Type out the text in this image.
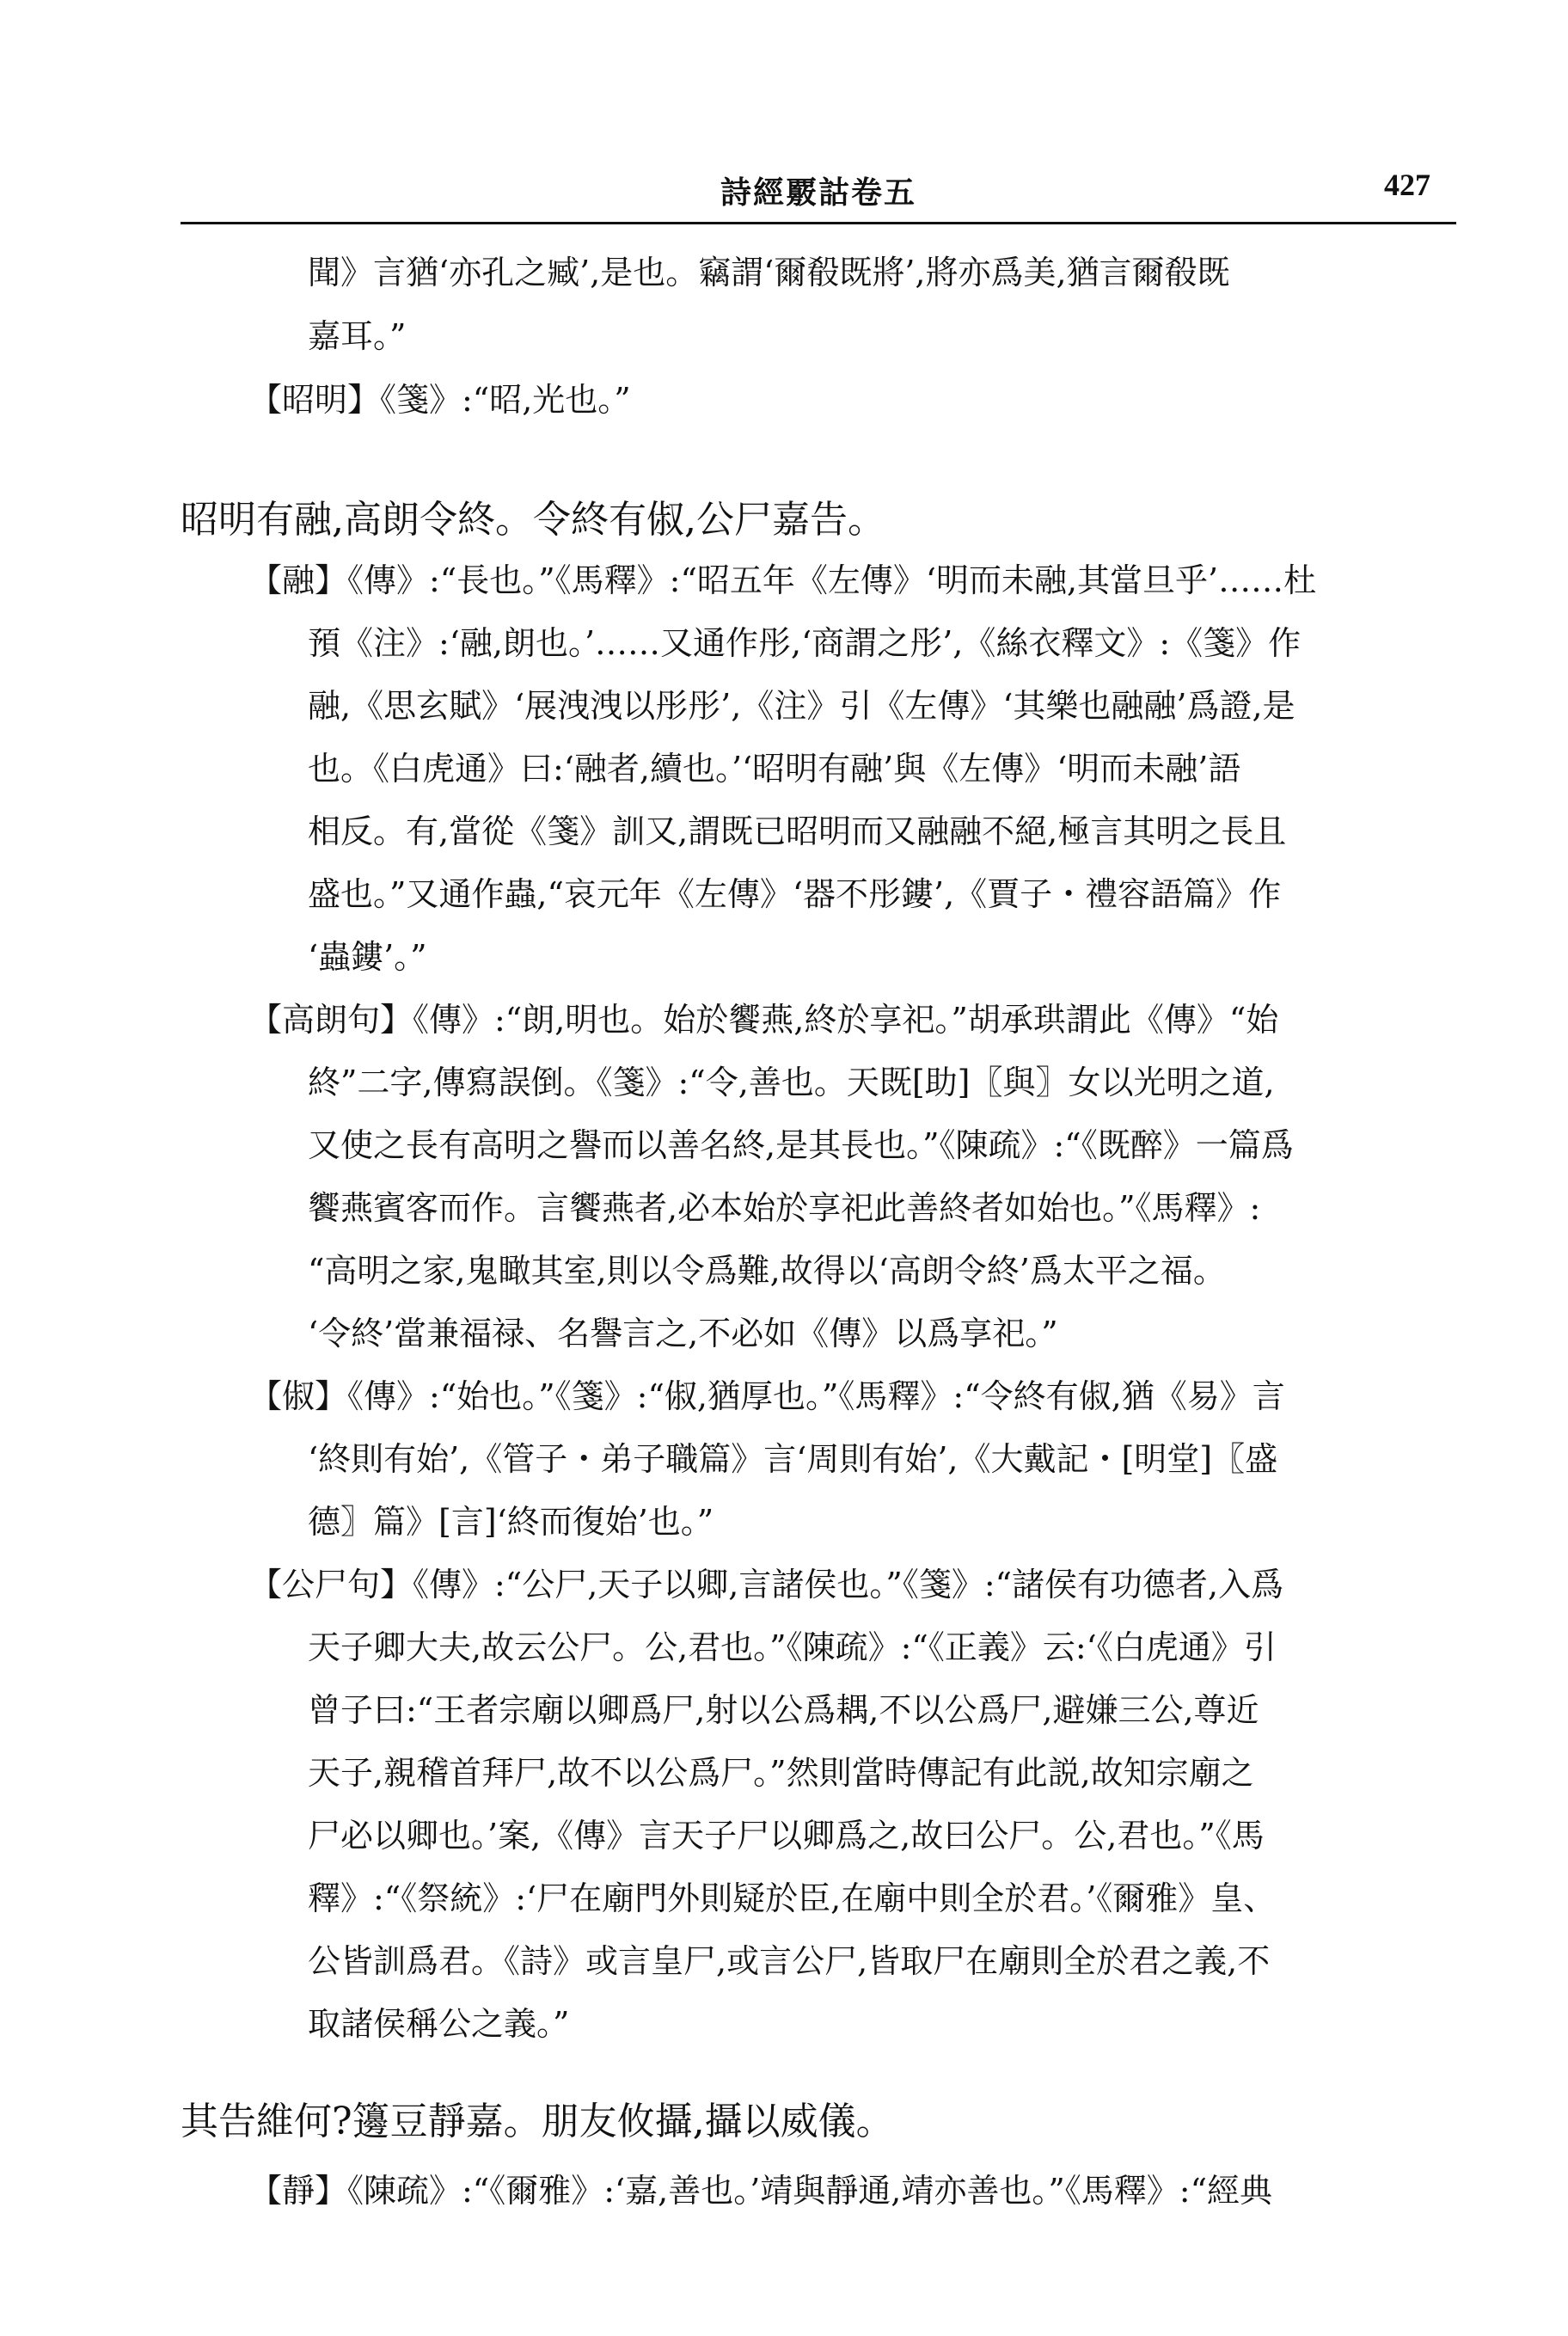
詩經覈詁卷五	427
聞》言猶‘亦孔之臧’,是也。竊謂‘爾殽既將’,將亦爲美,猶言爾殽既
嘉耳。”
【昭明】《箋》:“昭,光也。”
昭明有融,高朗令終。令終有俶,公尸嘉告。
【融】《傳》:“長也。”《馬釋》:“昭五年《左傳》‘明而未融,其當旦乎’……杜
預《注》:‘融,朗也。’……又通作彤,‘商謂之彤’,《絲衣釋文》:《箋》作
融,《思玄賦》‘展洩洩以彤彤’,《注》引《左傳》‘其樂也融融’爲證,是
也。《白虎通》曰:‘融者,續也。’‘昭明有融’與《左傳》‘明而未融’語
相反。有,當從《箋》訓又,謂既已昭明而又融融不絕,極言其明之長且
盛也。”又通作蟲,“哀元年《左傳》‘器不彤鏤’,《賈子・禮容語篇》作
‘蟲鏤’。”
【高朗句】《傳》:“朗,明也。始於饗燕,終於享祀。”胡承珙謂此《傳》“始
終”二字,傳寫誤倒。《箋》:“令,善也。天既[助]〖與〗女以光明之道,
又使之長有高明之譽而以善名終,是其長也。”《陳疏》:“《既醉》一篇爲
饗燕賓客而作。言饗燕者,必本始於享祀此善終者如始也。”《馬釋》:
“高明之家,鬼瞰其室,則以令爲難,故得以‘高朗令終’爲太平之福。
‘令終’當兼福禄、名譽言之,不必如《傳》以爲享祀。”
【俶】《傳》:“始也。”《箋》:“俶,猶厚也。”《馬釋》:“令終有俶,猶《易》言
‘終則有始’,《管子・弟子職篇》言‘周則有始’,《大戴記・[明堂]〖盛
德〗篇》[言]‘終而復始’也。”
【公尸句】《傳》:“公尸,天子以卿,言諸侯也。”《箋》:“諸侯有功德者,入爲
天子卿大夫,故云公尸。公,君也。”《陳疏》:“《正義》云:‘《白虎通》引
曾子曰:“王者宗廟以卿爲尸,射以公爲耦,不以公爲尸,避嫌三公,尊近
天子,親稽首拜尸,故不以公爲尸。”然則當時傳記有此説,故知宗廟之
尸必以卿也。’案,《傳》言天子尸以卿爲之,故曰公尸。公,君也。”《馬
釋》:“《祭統》:‘尸在廟門外則疑於臣,在廟中則全於君。’《爾雅》皇、
公皆訓爲君。《詩》或言皇尸,或言公尸,皆取尸在廟則全於君之義,不
取諸侯稱公之義。”
其告維何?籩豆靜嘉。朋友攸攝,攝以威儀。
【靜】《陳疏》:“《爾雅》:‘嘉,善也。’靖與靜通,靖亦善也。”《馬釋》:“經典
